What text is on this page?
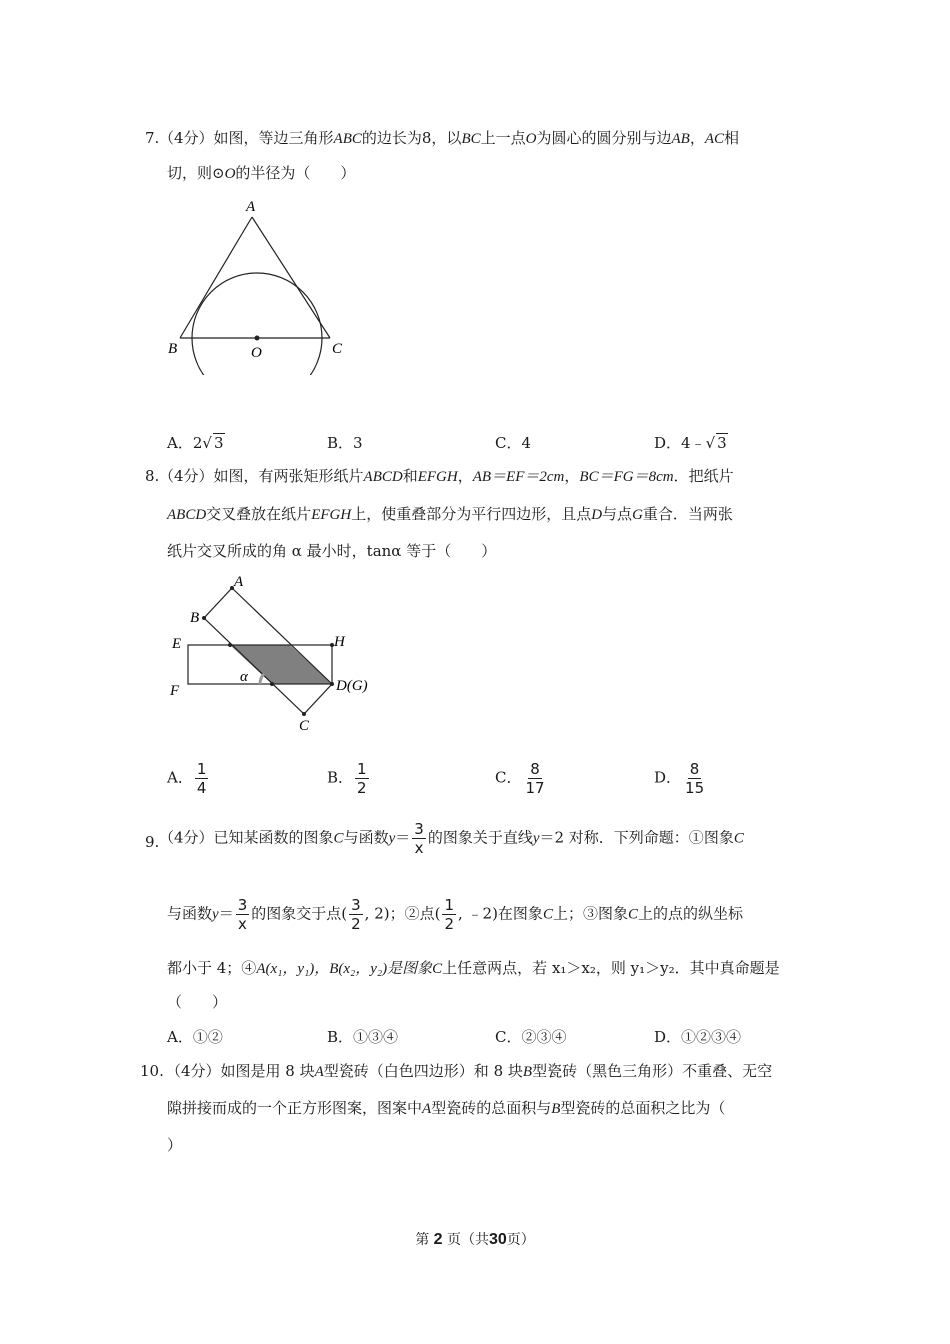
7. （4分）如图，等边三角形ABC的边长为8，以BC上一点O为圆心的圆分别与边AB，AC相
切，则⊙O的半径为（　　）
A
B	C
O
A．2√ 3	B．3	C．4	D．4﹣√ 3
8. （4分）如图，有两张矩形纸片ABCD和EFGH，AB＝EF＝2cm，BC＝FG＝8cm．把纸片
ABCD交叉叠放在纸片EFGH上，使重叠部分为平行四边形，且点D与点G重合．当两张
纸片交叉所成的角 α 最小时，tanα 等于（　　）
A
B
C
E
F
H
D(G)
α
A． $\frac{1}{4}$	B． $\frac{1}{2}$	C． $\frac{8}{17}$	D． $\frac{8}{15}$
9. （4分）已知某函数的图象C与函数$y= \frac{3}{x}$ 的图象关于直线y＝2 对称．下列命题：①图象C
与函数$y= \frac{3}{x}$ 的图象交于点( $\frac{3}{2}$ , 2)；②点( $\frac{1}{2}$ , ﹣2)在图象C上；③图象C上的点的纵坐标
都小于 4；④A(x₁，y₁)，B(x₂，y₂)是图象C上任意两点，若 x₁＞x₂，则 y₁＞y₂．其中真命题是
（　　）
A．①②	B．①③④	C．②③④	D．①②③④
10. （4分）如图是用 8 块A型瓷砖（白色四边形）和 8 块B型瓷砖（黑色三角形）不重叠、无空
隙拼接而成的一个正方形图案，图案中A型瓷砖的总面积与B型瓷砖的总面积之比为（
）
第 2 页（共30页）
